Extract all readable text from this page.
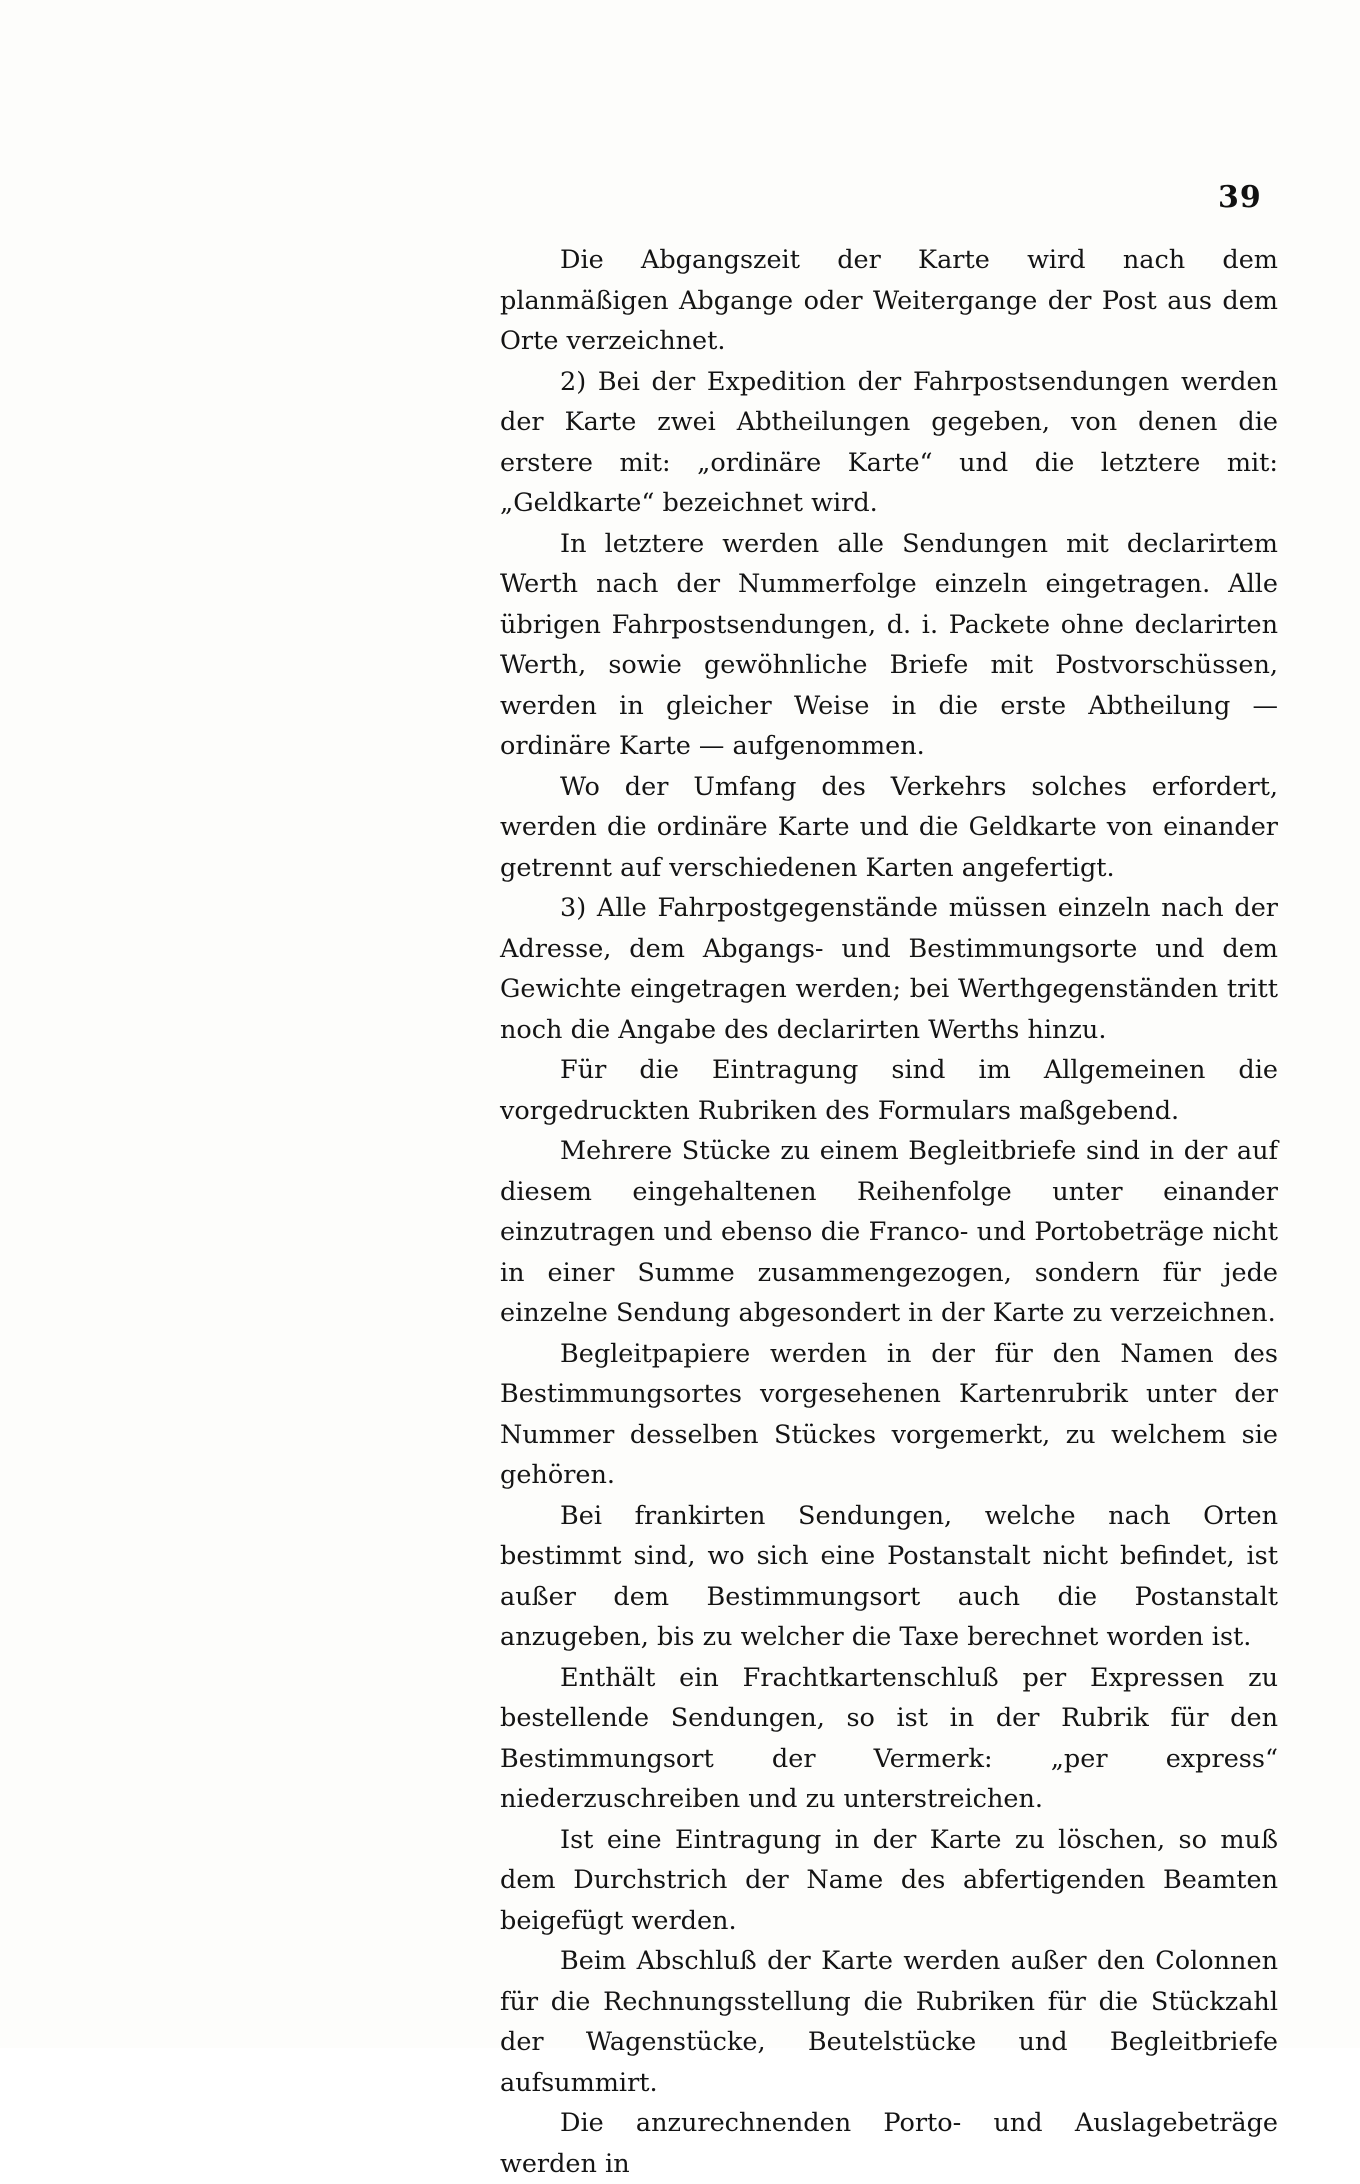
39

Die Abgangszeit der Karte wird nach dem planmäßigen Abgange oder Weitergange der Post aus dem Orte verzeichnet.

2) Bei der Expedition der Fahrpostsendungen werden der Karte zwei Abtheilungen gegeben, von denen die erstere mit: „ordinäre Karte“ und die letztere mit: „Geldkarte“ bezeichnet wird.

In letztere werden alle Sendungen mit declarirtem Werth nach der Nummerfolge einzeln eingetragen. Alle übrigen Fahrpostsendungen, d. i. Packete ohne declarirten Werth, sowie gewöhnliche Briefe mit Postvorschüssen, werden in gleicher Weise in die erste Abtheilung — ordinäre Karte — aufgenommen.

Wo der Umfang des Verkehrs solches erfordert, werden die ordinäre Karte und die Geldkarte von einander getrennt auf verschiedenen Karten angefertigt.

3) Alle Fahrpostgegenstände müssen einzeln nach der Adresse, dem Abgangs- und Bestimmungsorte und dem Gewichte eingetragen werden; bei Werthgegenständen tritt noch die Angabe des declarirten Werths hinzu.

Für die Eintragung sind im Allgemeinen die vorgedruckten Rubriken des Formulars maßgebend.

Mehrere Stücke zu einem Begleitbriefe sind in der auf diesem eingehaltenen Reihenfolge unter einander einzutragen und ebenso die Franco- und Portobeträge nicht in einer Summe zusammengezogen, sondern für jede einzelne Sendung abgesondert in der Karte zu verzeichnen.

Begleitpapiere werden in der für den Namen des Bestimmungsortes vorgesehenen Kartenrubrik unter der Nummer desselben Stückes vorgemerkt, zu welchem sie gehören.

Bei frankirten Sendungen, welche nach Orten bestimmt sind, wo sich eine Postanstalt nicht befindet, ist außer dem Bestimmungsort auch die Postanstalt anzugeben, bis zu welcher die Taxe berechnet worden ist.

Enthält ein Frachtkartenschluß per Expressen zu bestellende Sendungen, so ist in der Rubrik für den Bestimmungsort der Vermerk: „per express“ niederzuschreiben und zu unterstreichen.

Ist eine Eintragung in der Karte zu löschen, so muß dem Durchstrich der Name des abfertigenden Beamten beigefügt werden.

Beim Abschluß der Karte werden außer den Colonnen für die Rechnungsstellung die Rubriken für die Stückzahl der Wagenstücke, Beutelstücke und Begleitbriefe aufsummirt.

Die anzurechnenden Porto- und Auslagebeträge werden in
